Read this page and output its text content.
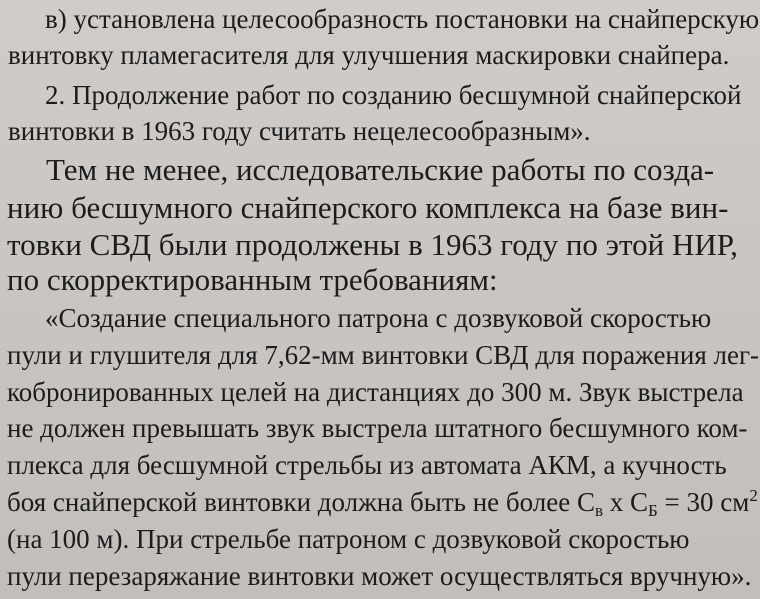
в) установлена целесообразность постановки на снайперскую
винтовку пламегасителя для улучшения маскировки снайпера.
2. Продолжение работ по созданию бесшумной снайперской
винтовки в 1963 году считать нецелесообразным».
Тем не менее, исследовательские работы по созда-
нию бесшумного снайперского комплекса на базе вин-
товки СВД были продолжены в 1963 году по этой НИР,
по скорректированным требованиям:
«Создание специального патрона с дозвуковой скоростью
пули и глушителя для 7,62-мм винтовки СВД для поражения лег-
кобронированных целей на дистанциях до 300 м. Звук выстрела
не должен превышать звук выстрела штатного бесшумного ком-
плекса для бесшумной стрельбы из автомата АКМ, а кучность
боя снайперской винтовки должна быть не более Св х СБ = 30 $см^2$
(на 100 м). При стрельбе патроном с дозвуковой скоростью
пули перезаряжание винтовки может осуществляться вручную».
